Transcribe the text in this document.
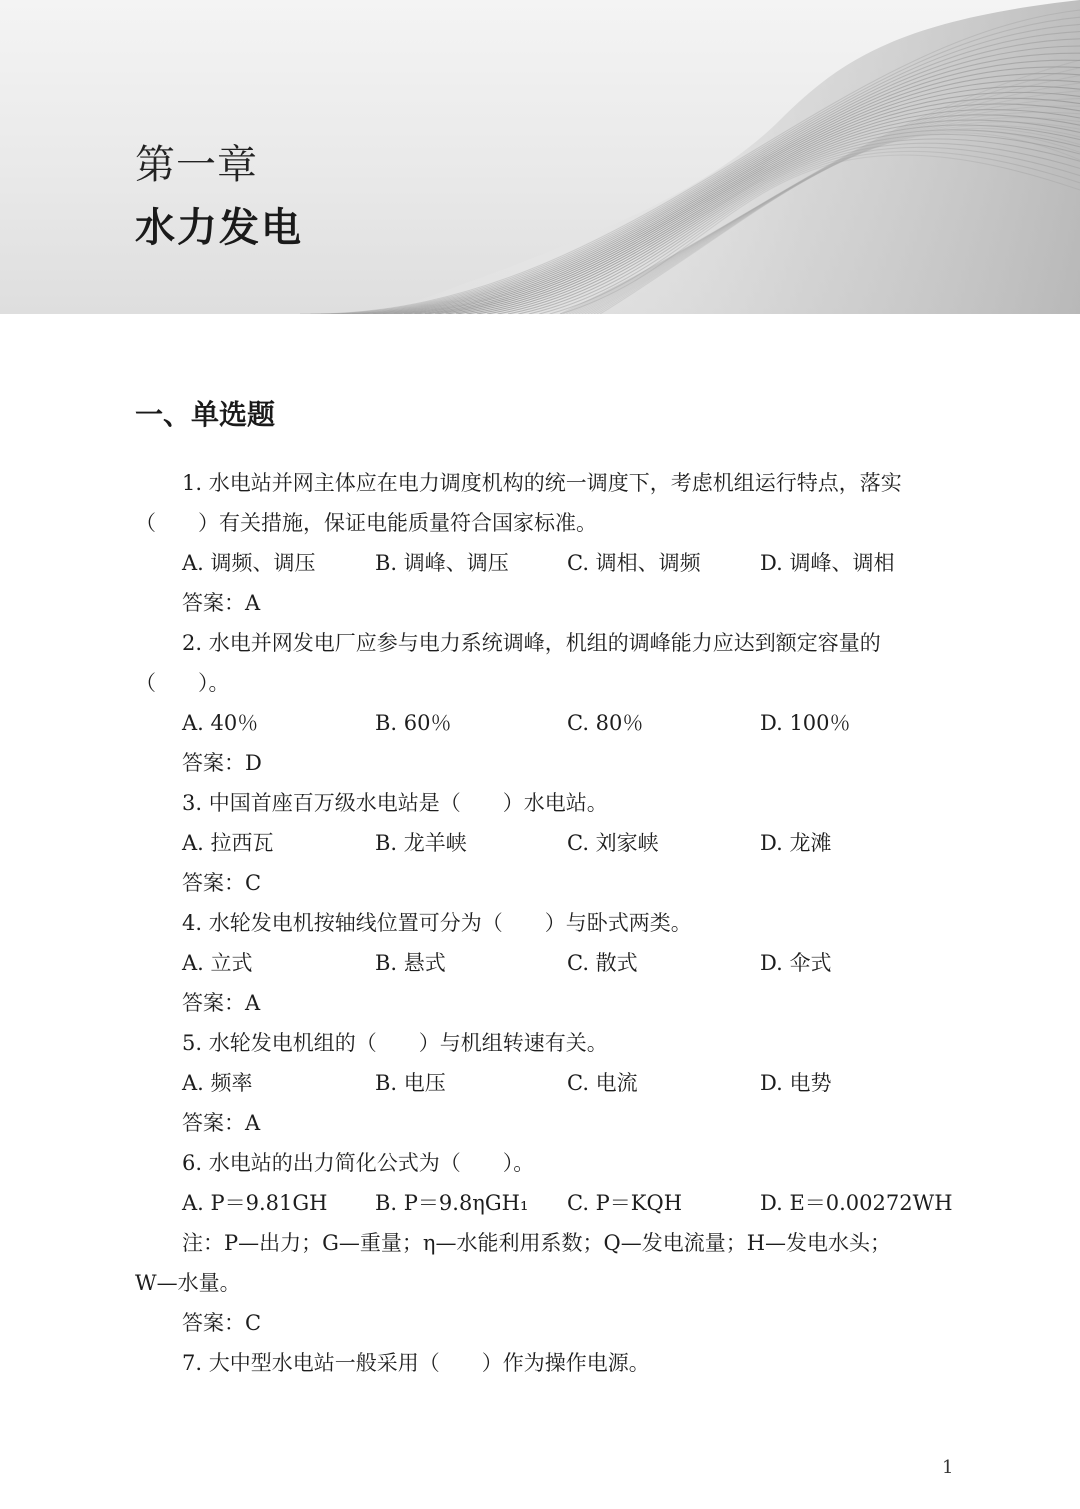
第一章
水力发电
一、单选题
1. 水电站并网主体应在电力调度机构的统一调度下，考虑机组运行特点，落实
（　　）有关措施，保证电能质量符合国家标准。
A. 调频、调压	B. 调峰、调压	C. 调相、调频	D. 调峰、调相
答案：A
2. 水电并网发电厂应参与电力系统调峰，机组的调峰能力应达到额定容量的
（　　）。
A. 40％	B. 60％	C. 80％	D. 100％
答案：D
3. 中国首座百万级水电站是（　　）水电站。
A. 拉西瓦	B. 龙羊峡	C. 刘家峡	D. 龙滩
答案：C
4. 水轮发电机按轴线位置可分为（　　）与卧式两类。
A. 立式	B. 悬式	C. 散式	D. 伞式
答案：A
5. 水轮发电机组的（　　）与机组转速有关。
A. 频率	B. 电压	C. 电流	D. 电势
答案：A
6. 水电站的出力简化公式为（　　）。
A. P＝9.81GH B. P＝9.8ηGH₁ C. P＝KQH	D. E＝0.00272WH
注：P—出力；G—重量；η—水能利用系数；Q—发电流量；H—发电水头；
W—水量。
答案：C
7. 大中型水电站一般采用（　　）作为操作电源。
1
